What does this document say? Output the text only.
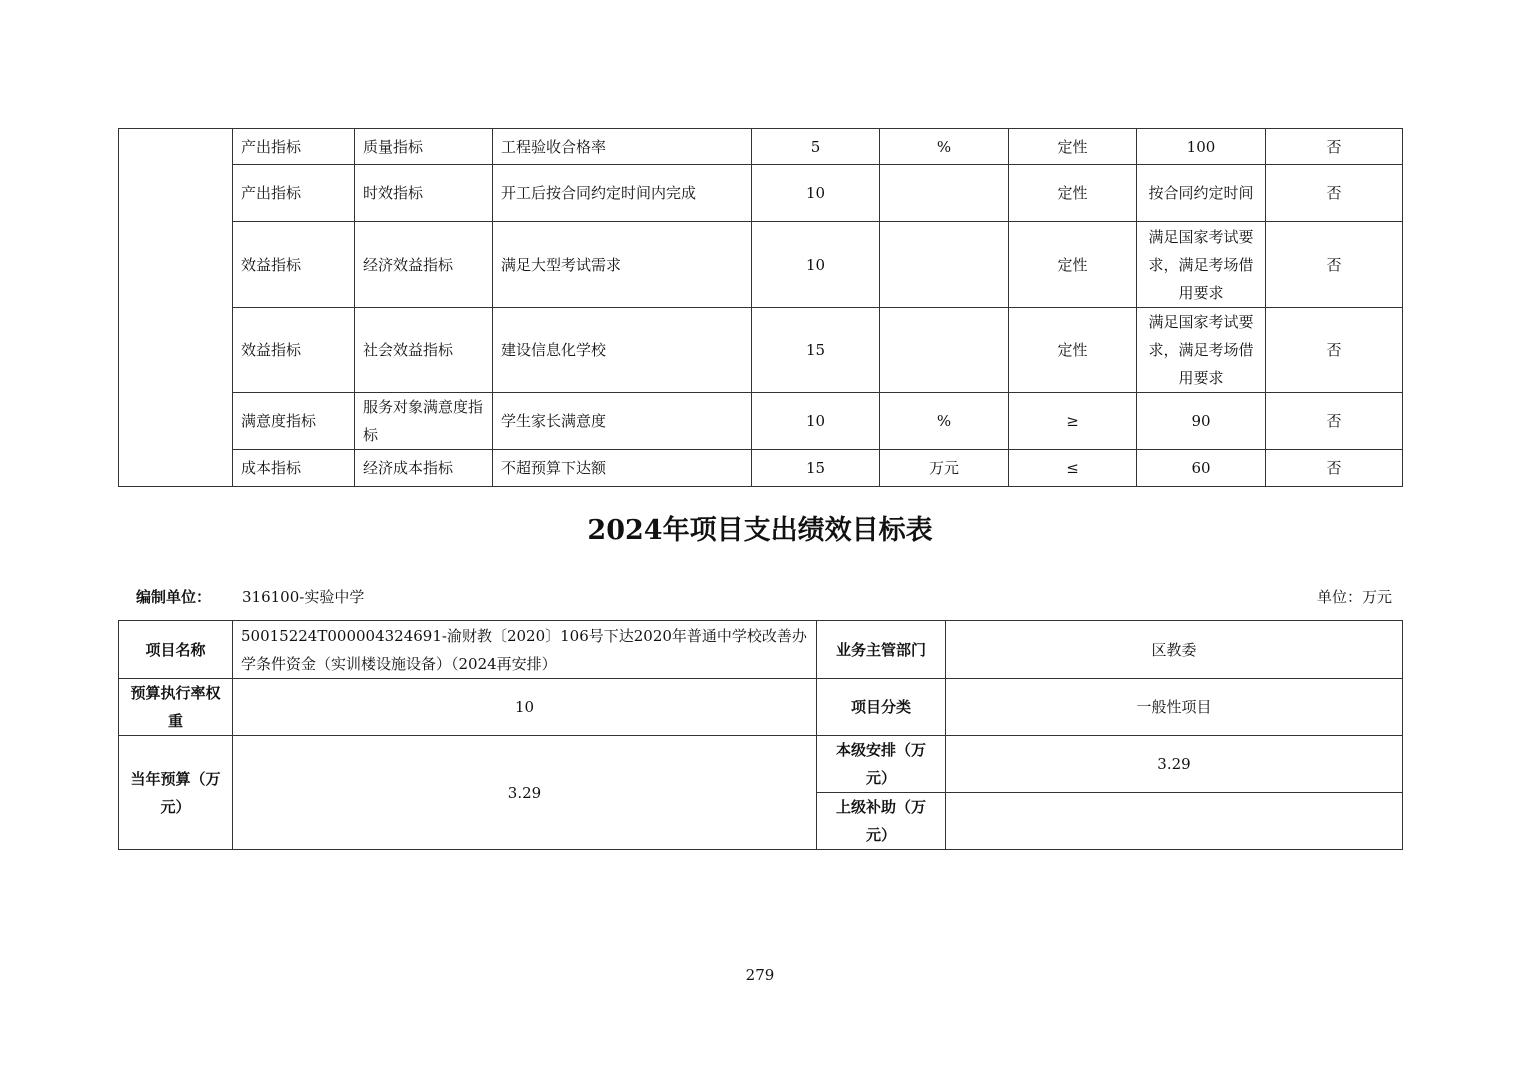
	产出指标	质量指标	工程验收合格率	5	%	定性	100	否
	产出指标	时效指标	开工后按合同约定时间内完成	10		定性	按合同约定时间	否
	效益指标	经济效益指标	满足大型考试需求	10		定性	满足国家考试要求，满足考场借用要求	否
	效益指标	社会效益指标	建设信息化学校	15		定性	满足国家考试要求，满足考场借用要求	否
	满意度指标	服务对象满意度指标	学生家长满意度	10	%	≥	90	否
	成本指标	经济成本指标	不超预算下达额	15	万元	≤	60	否
2024年项目支出绩效目标表
编制单位： 316100-实验中学	单位：万元
项目名称	50015224T000004324691-渝财教〔2020〕106号下达2020年普通中学校改善办学条件资金（实训楼设施设备）（2024再安排）	业务主管部门	区教委
预算执行率权重	10	项目分类	一般性项目
当年预算（万元）	3.29	本级安排（万元）	3.29
		上级补助（万元）	
279
